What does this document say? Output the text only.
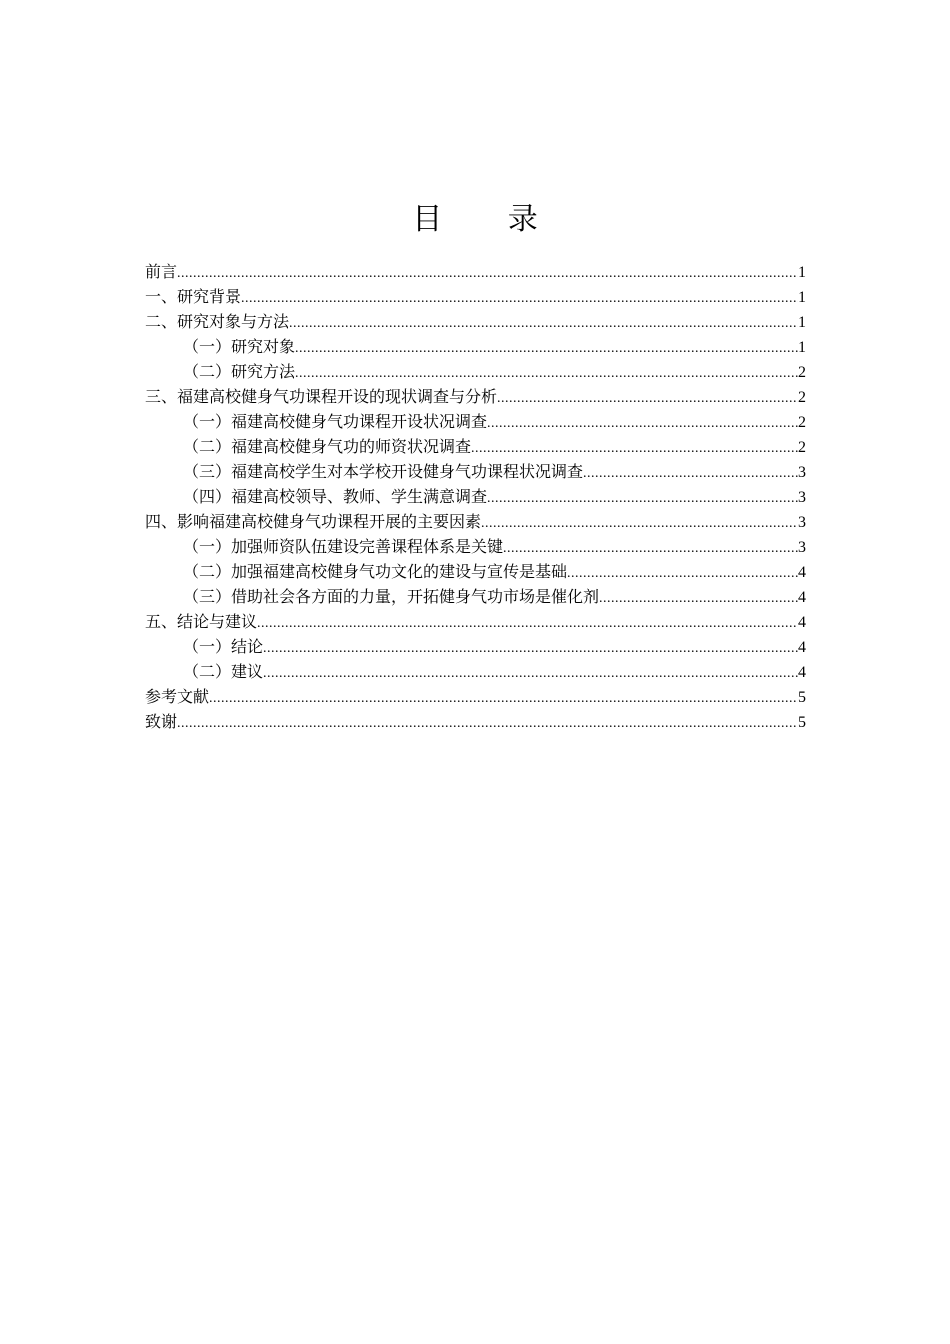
目 录
前言 .....	1
一、研究背景 .....	1
二、研究对象与方法 .....	1
（一）研究对象 .....	1
（二）研究方法 .....	2
三、福建高校健身气功课程开设的现状调查与分析 .....	2
（一）福建高校健身气功课程开设状况调查 .....	2
（二）福建高校健身气功的师资状况调查 .....	2
（三）福建高校学生对本学校开设健身气功课程状况调查 .....	3
（四）福建高校领导、教师、学生满意调查 .....	3
四、影响福建高校健身气功课程开展的主要因素 .....	3
（一）加强师资队伍建设完善课程体系是关键 .....	3
（二）加强福建高校健身气功文化的建设与宣传是基础 .....	4
（三）借助社会各方面的力量，开拓健身气功市场是催化剂 .....	4
五、结论与建议 .....	4
（一）结论 .....	4
（二）建议 .....	4
参考文献 .....	5
致谢 .....	5
